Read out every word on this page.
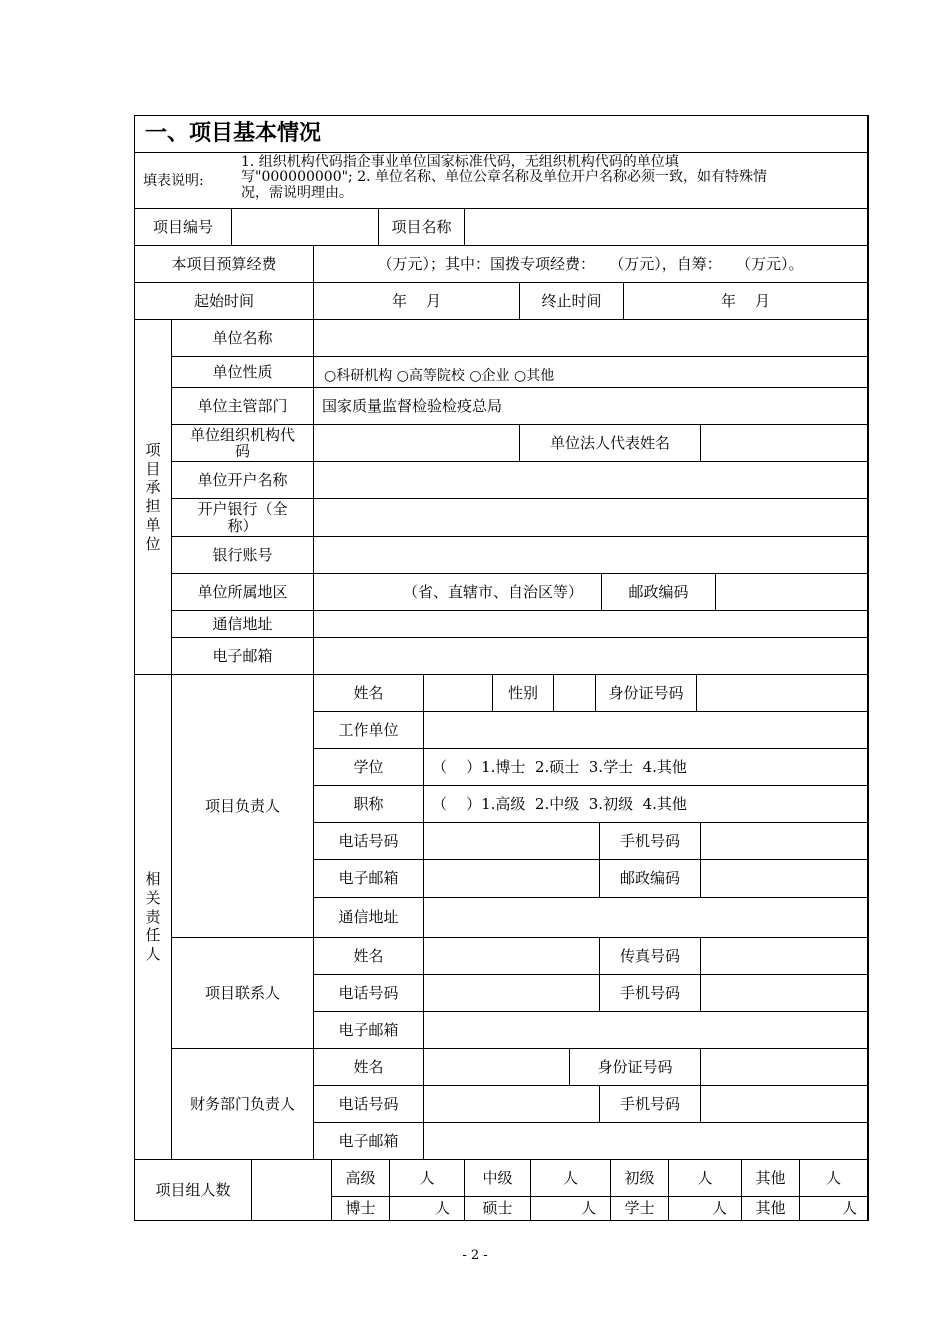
一、项目基本情况
填表说明:
1. 组织机构代码指企事业单位国家标准代码，无组织机构代码的单位填
写"000000000"; 2. 单位名称、单位公章名称及单位开户名称必须一致，如有特殊情
况，需说明理由。
项目编号	项目名称
本项目预算经费	（万元）；其中：国拨专项经费：   （万元），自筹：   （万元）。
起始时间	年    月	终止时间	年    月
项
目
承
担
单
位
单位名称
单位性质	○科研机构 ○高等院校 ○企业 ○其他
单位主管部门	国家质量监督检验检疫总局
单位组织机构代码	单位法人代表姓名
单位开户名称
开户银行（全称）
银行账号
单位所属地区	（省、直辖市、自治区等）	邮政编码
通信地址
电子邮箱
相
关
责
任
人
项目负责人
姓名	性别	身份证号码
工作单位
学位	（    ）1.博士  2.硕士  3.学士  4.其他
职称	（    ）1.高级  2.中级  3.初级  4.其他
电话号码	手机号码
电子邮箱	邮政编码
通信地址
项目联系人
姓名	传真号码
电话号码	手机号码
电子邮箱
财务部门负责人
姓名	身份证号码
电话号码	手机号码
电子邮箱
项目组人数
高级	人	中级	人	初级	人	其他	人
博士	人	硕士	人	学士	人	其他	人
- 2 -
